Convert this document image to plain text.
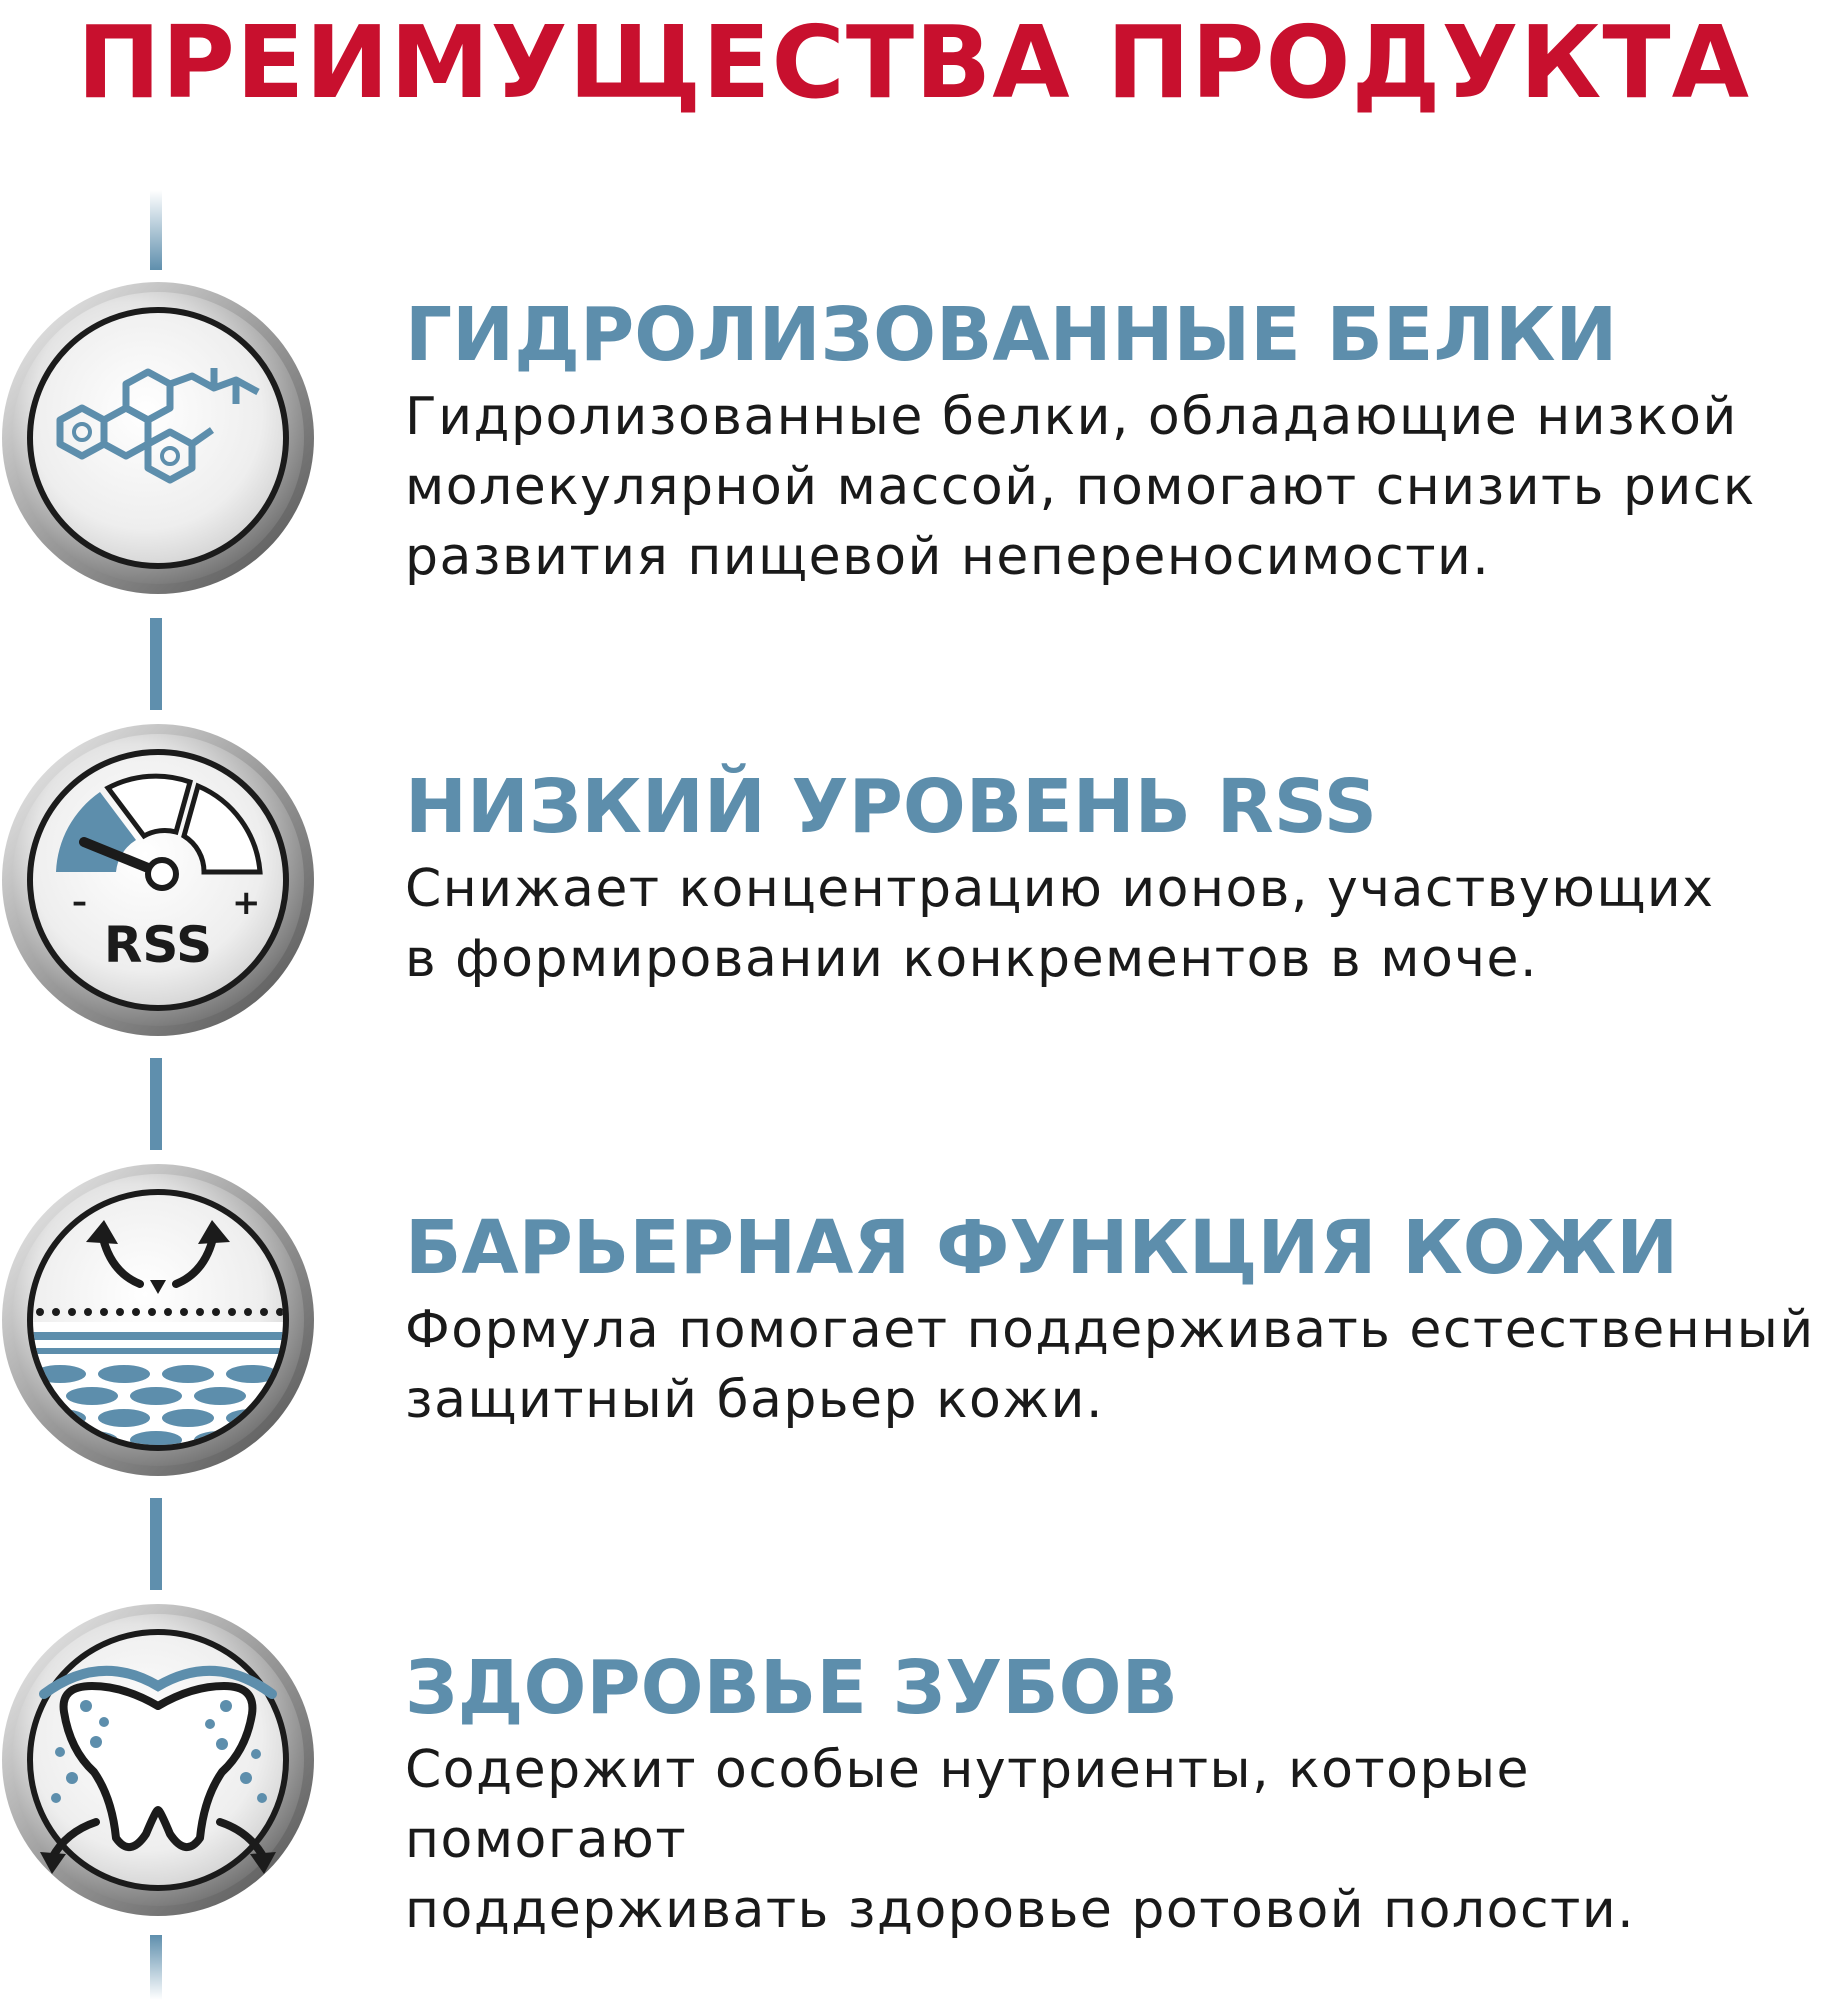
ПРЕИМУЩЕСТВА ПРОДУКТА
ГИДРОЛИЗОВАННЫЕ БЕЛКИ
Гидролизованные белки, обладающие низкой
молекулярной массой, помогают снизить риск
развития пищевой непереносимости.
–	+
RSS
НИЗКИЙ УРОВЕНЬ RSS
Снижает концентрацию ионов, участвующих
в формировании конкрементов в моче.
БАРЬЕРНАЯ ФУНКЦИЯ КОЖИ
Формула помогает поддерживать естественный
защитный барьер кожи.
ЗДОРОВЬЕ ЗУБОВ
Содержит особые нутриенты, которые помогают
поддерживать здоровье ротовой полости.
